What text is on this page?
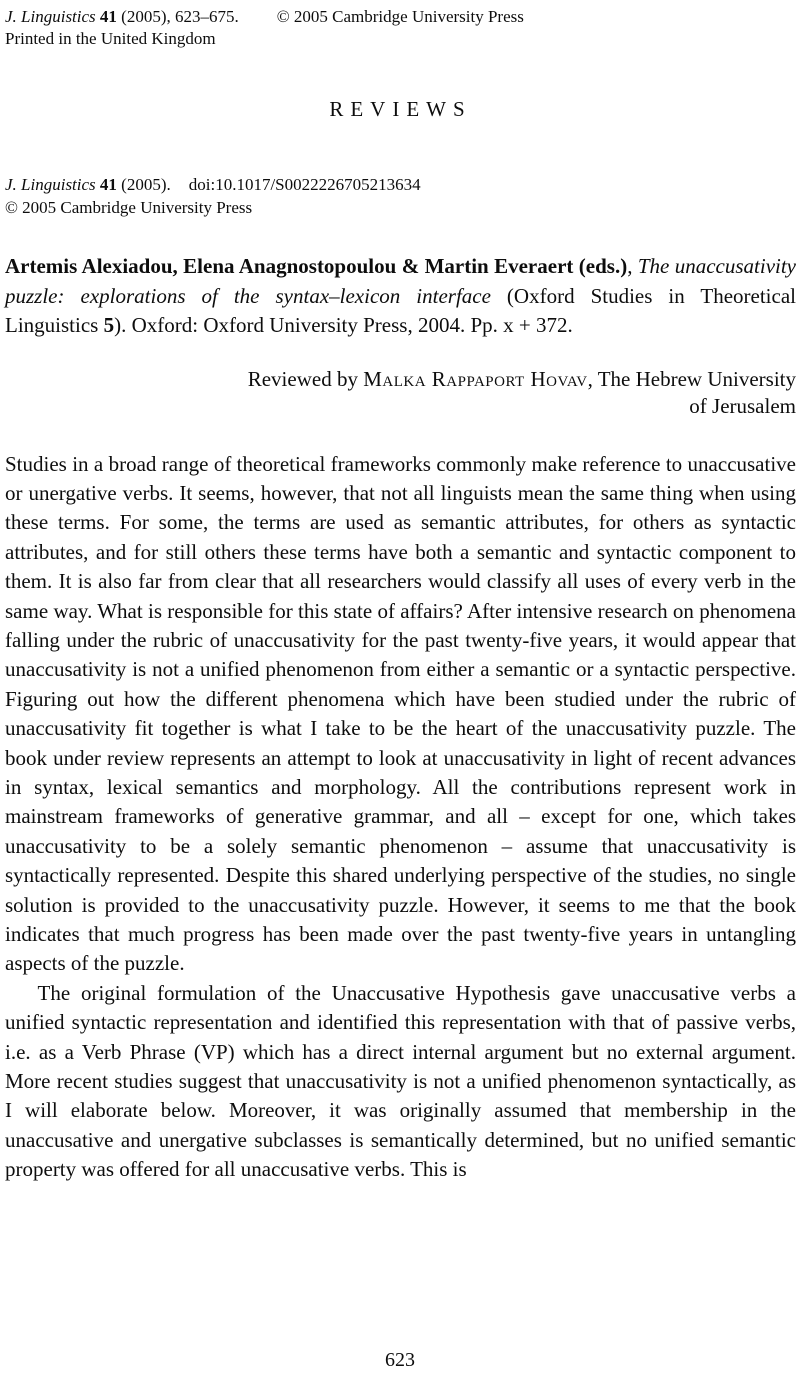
J. Linguistics 41 (2005), 623–675. © 2005 Cambridge University Press
Printed in the United Kingdom
REVIEWS
J. Linguistics 41 (2005). doi:10.1017/S0022226705213634
© 2005 Cambridge University Press

Artemis Alexiadou, Elena Anagnostopoulou & Martin Everaert (eds.), The unaccusativity puzzle: explorations of the syntax–lexicon interface (Oxford Studies in Theoretical Linguistics 5). Oxford: Oxford University Press, 2004. Pp. x + 372.

Reviewed by Malka Rappaport Hovav, The Hebrew University
of Jerusalem

Studies in a broad range of theoretical frameworks commonly make reference to unaccusative or unergative verbs. It seems, however, that not all linguists mean the same thing when using these terms. For some, the terms are used as semantic attributes, for others as syntactic attributes, and for still others these terms have both a semantic and syntactic component to them. It is also far from clear that all researchers would classify all uses of every verb in the same way. What is responsible for this state of affairs? After intensive research on phenomena falling under the rubric of unaccusativity for the past twenty-five years, it would appear that unaccusativity is not a unified phenomenon from either a semantic or a syntactic perspective. Figuring out how the different phenomena which have been studied under the rubric of unaccusativity fit together is what I take to be the heart of the unaccusativity puzzle. The book under review represents an attempt to look at unaccusativity in light of recent advances in syntax, lexical semantics and morphology. All the contributions represent work in mainstream frameworks of generative grammar, and all – except for one, which takes unaccusativity to be a solely semantic phenomenon – assume that unaccusativity is syntactically represented. Despite this shared underlying perspective of the studies, no single solution is provided to the unaccusativity puzzle. However, it seems to me that the book indicates that much progress has been made over the past twenty-five years in untangling aspects of the puzzle.

The original formulation of the Unaccusative Hypothesis gave unaccusative verbs a unified syntactic representation and identified this representation with that of passive verbs, i.e. as a Verb Phrase (VP) which has a direct internal argument but no external argument. More recent studies suggest that unaccusativity is not a unified phenomenon syntactically, as I will elaborate below. Moreover, it was originally assumed that membership in the unaccusative and unergative subclasses is semantically determined, but no unified semantic property was offered for all unaccusative verbs. This is

623
